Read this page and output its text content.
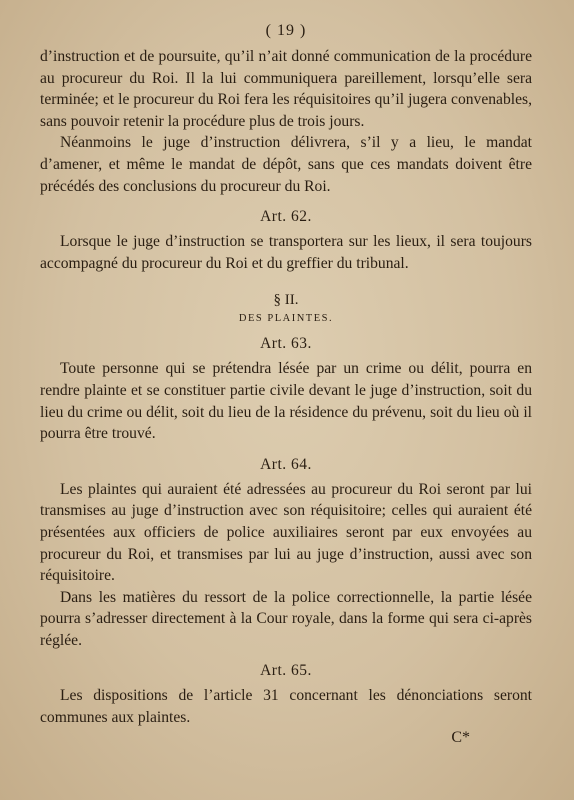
( 19 )

d’instruction et de poursuite, qu’il n’ait donné communication de la procédure au procureur du Roi. Il la lui communiquera pareillement, lorsqu’elle sera terminée; et le procureur du Roi fera les réquisitoires qu’il jugera convenables, sans pouvoir retenir la procédure plus de trois jours.

Néanmoins le juge d’instruction délivrera, s’il y a lieu, le mandat d’amener, et même le mandat de dépôt, sans que ces mandats doivent être précédés des conclusions du procureur du Roi.

Art. 62.

Lorsque le juge d’instruction se transportera sur les lieux, il sera toujours accompagné du procureur du Roi et du greffier du tribunal.

§ II.
DES PLAINTES.
Art. 63.

Toute personne qui se prétendra lésée par un crime ou délit, pourra en rendre plainte et se constituer partie civile devant le juge d’instruction, soit du lieu du crime ou délit, soit du lieu de la résidence du prévenu, soit du lieu où il pourra être trouvé.

Art. 64.

Les plaintes qui auraient été adressées au procureur du Roi seront par lui transmises au juge d’instruction avec son réquisitoire; celles qui auraient été présentées aux officiers de police auxiliaires seront par eux envoyées au procureur du Roi, et transmises par lui au juge d’instruction, aussi avec son réquisitoire.

Dans les matières du ressort de la police correctionnelle, la partie lésée pourra s’adresser directement à la Cour royale, dans la forme qui sera ci-après réglée.

Art. 65.

Les dispositions de l’article 31 concernant les dénonciations seront communes aux plaintes.

C*
